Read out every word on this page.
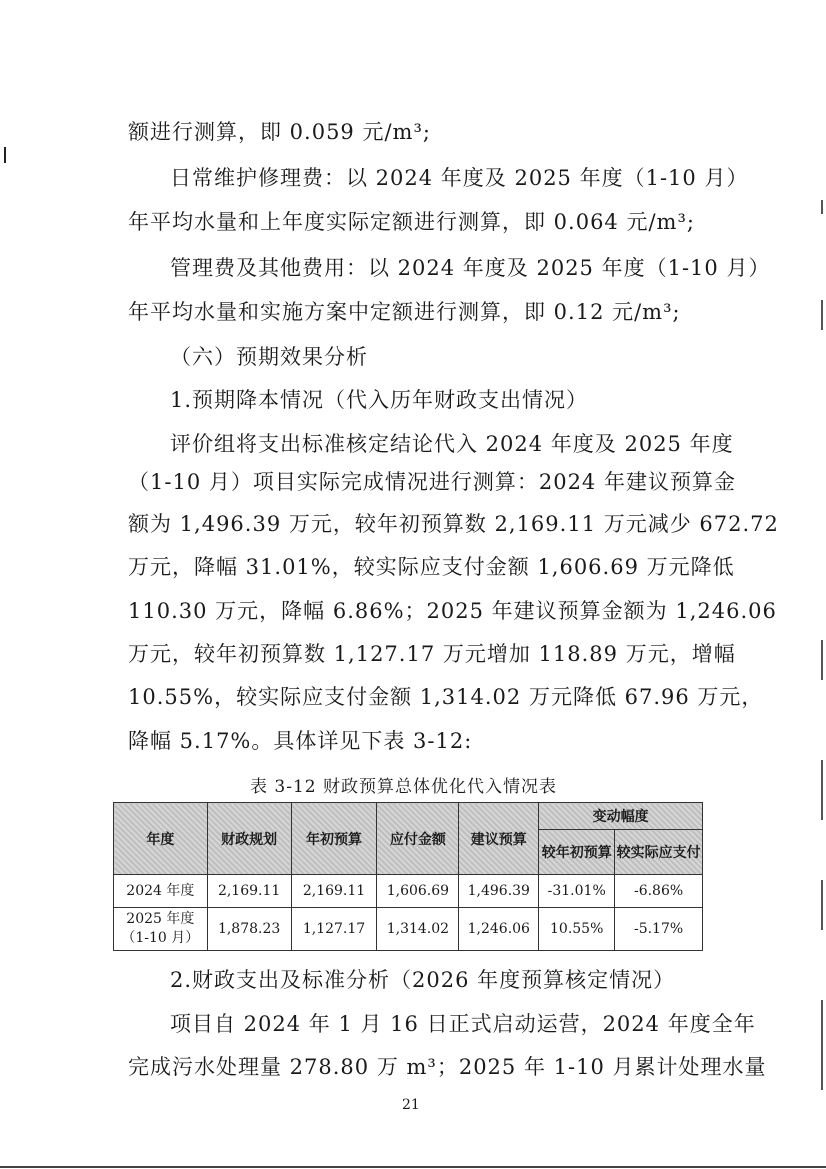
额进行测算，即 0.059 元/m³;
日常维护修理费：以 2024 年度及 2025 年度（1-10 月）
年平均水量和上年度实际定额进行测算，即 0.064 元/m³;
管理费及其他费用：以 2024 年度及 2025 年度（1-10 月）
年平均水量和实施方案中定额进行测算，即 0.12 元/m³;
（六）预期效果分析
1.预期降本情况（代入历年财政支出情况）
评价组将支出标准核定结论代入 2024 年度及 2025 年度
（1-10 月）项目实际完成情况进行测算：2024 年建议预算金
额为 1,496.39 万元，较年初预算数 2,169.11 万元减少 672.72
万元，降幅 31.01%，较实际应支付金额 1,606.69 万元降低
110.30 万元，降幅 6.86%；2025 年建议预算金额为 1,246.06
万元，较年初预算数 1,127.17 万元增加 118.89 万元，增幅
10.55%，较实际应支付金额 1,314.02 万元降低 67.96 万元，
降幅 5.17%。具体详见下表 3-12:
表 3-12 财政预算总体优化代入情况表
年度	财政规划	年初预算	应付金额	建议预算	变动幅度	
					较年初预算	较实际应支付
2024 年度	2,169.11	2,169.11	1,606.69	1,496.39	-31.01%	-6.86%
2025 年度
（1-10 月）	1,878.23	1,127.17	1,314.02	1,246.06	10.55%	-5.17%
2.财政支出及标准分析（2026 年度预算核定情况）
项目自 2024 年 1 月 16 日正式启动运营，2024 年度全年
完成污水处理量 278.80 万 m³；2025 年 1-10 月累计处理水量
21
